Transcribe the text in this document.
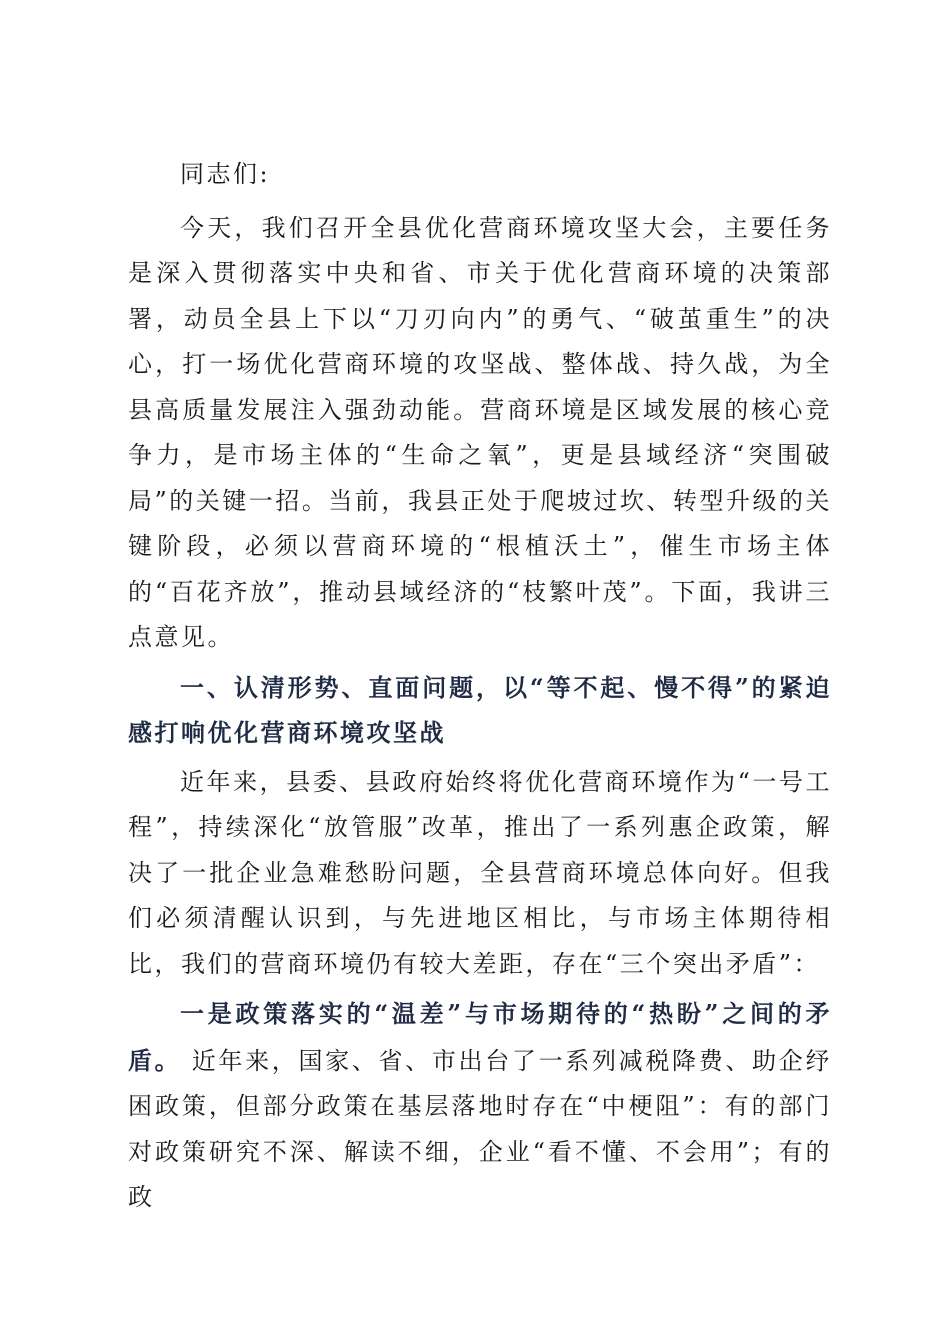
同志们:

今天，我们召开全县优化营商环境攻坚大会，主要任务是深入贯彻落实中央和省、市关于优化营商环境的决策部署，动员全县上下以“刀刃向内”的勇气、“破茧重生”的决心，打一场优化营商环境的攻坚战、整体战、持久战，为全县高质量发展注入强劲动能。营商环境是区域发展的核心竞争力，是市场主体的“生命之氧”，更是县域经济“突围破局”的关键一招。当前，我县正处于爬坡过坎、转型升级的关键阶段，必须以营商环境的“根植沃土”，催生市场主体的“百花齐放”，推动县域经济的“枝繁叶茂”。下面，我讲三点意见。

一、认清形势、直面问题，以“等不起、慢不得”的紧迫感打响优化营商环境攻坚战

近年来，县委、县政府始终将优化营商环境作为“一号工程”，持续深化“放管服”改革，推出了一系列惠企政策，解决了一批企业急难愁盼问题，全县营商环境总体向好。但我们必须清醒认识到，与先进地区相比，与市场主体期待相比，我们的营商环境仍有较大差距，存在“三个突出矛盾”：

一是政策落实的“温差”与市场期待的“热盼”之间的矛盾。 近年来，国家、省、市出台了一系列减税降费、助企纾困政策，但部分政策在基层落地时存在“中梗阻”：有的部门对政策研究不深、解读不细，企业“看不懂、不会用”；有的政
